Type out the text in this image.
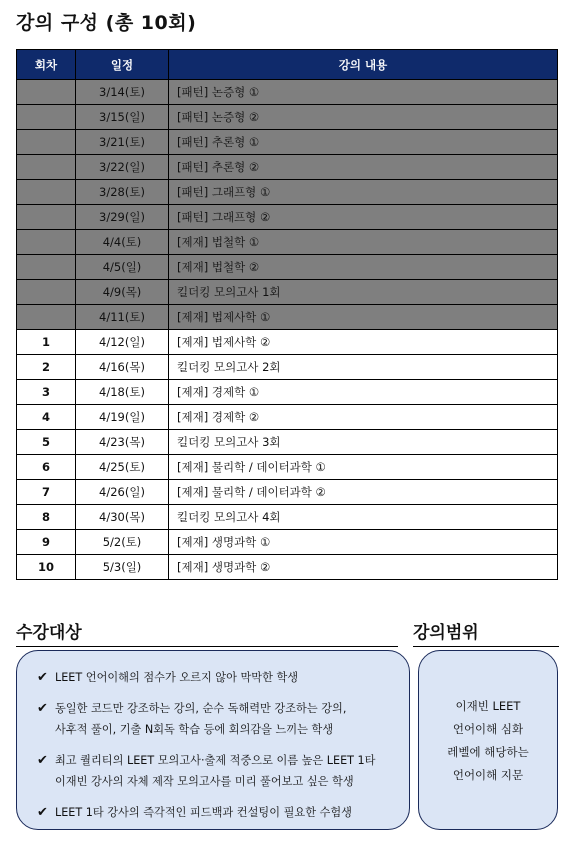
강의 구성 (총 10회)
회차	일정	강의 내용
	3/14(토)	[패턴] 논증형 ①
	3/15(일)	[패턴] 논증형 ②
	3/21(토)	[패턴] 추론형 ①
	3/22(일)	[패턴] 추론형 ②
	3/28(토)	[패턴] 그래프형 ①
	3/29(일)	[패턴] 그래프형 ②
	4/4(토)	[제재] 법철학 ①
	4/5(일)	[제재] 법철학 ②
	4/9(목)	킬더킹 모의고사 1회
	4/11(토)	[제재] 법제사학 ①
1	4/12(일)	[제재] 법제사학 ②
2	4/16(목)	킬더킹 모의고사 2회
3	4/18(토)	[제재] 경제학 ①
4	4/19(일)	[제재] 경제학 ②
5	4/23(목)	킬더킹 모의고사 3회
6	4/25(토)	[제재] 물리학 / 데이터과학 ①
7	4/26(일)	[제재] 물리학 / 데이터과학 ②
8	4/30(목)	킬더킹 모의고사 4회
9	5/2(토)	[제재] 생명과학 ①
10	5/3(일)	[제재] 생명과학 ②
수강대상	강의범위
✔ LEET 언어이해의 점수가 오르지 않아 막막한 학생
✔ 동일한 코드만 강조하는 강의, 순수 독해력만 강조하는 강의,
사후적 풀이, 기출 N회독 학습 등에 회의감을 느끼는 학생
✔ 최고 퀄리티의 LEET 모의고사·출제 적중으로 이름 높은 LEET 1타
이재빈 강사의 자체 제작 모의고사를 미리 풀어보고 싶은 학생
✔ LEET 1타 강사의 즉각적인 피드백과 컨설팅이 필요한 수험생
이재빈 LEET
언어이해 심화
레벨에 해당하는
언어이해 지문
